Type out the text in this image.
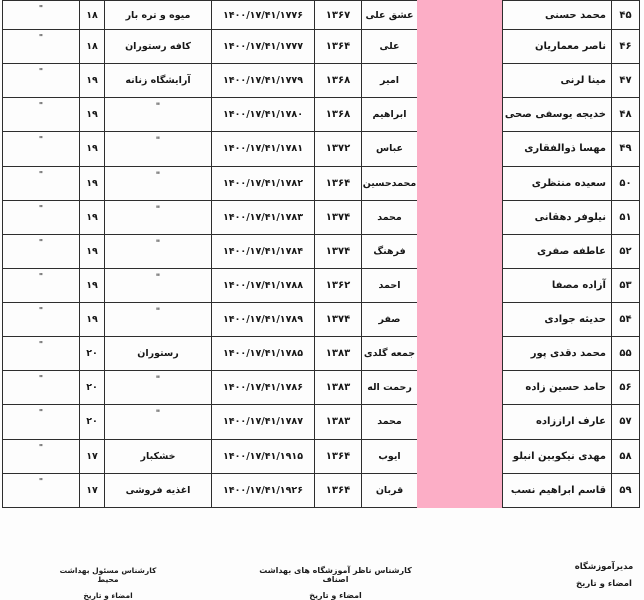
۴۵
محمد حسنی
عشق علی
۱۳۶۷
۱۴۰۰/۱۷/۴۱/۱۷۷۶
میوه و تره بار
۱۸
"
۴۶
ناصر معماریان
علی
۱۳۶۴
۱۴۰۰/۱۷/۴۱/۱۷۷۷
کافه رستوران
۱۸
"
۴۷
مینا لرنی
امیر
۱۳۶۸
۱۴۰۰/۱۷/۴۱/۱۷۷۹
آرایشگاه زنانه
۱۹
"
۴۸
خدیجه یوسفی صحی
ابراهیم
۱۳۶۸
۱۴۰۰/۱۷/۴۱/۱۷۸۰
"
۱۹
"
۴۹
مهسا ذوالفقاری
عباس
۱۳۷۲
۱۴۰۰/۱۷/۴۱/۱۷۸۱
"
۱۹
"
۵۰
سعیده منتظری
محمدحسین
۱۳۶۴
۱۴۰۰/۱۷/۴۱/۱۷۸۲
"
۱۹
"
۵۱
نیلوفر دهقانی
محمد
۱۳۷۴
۱۴۰۰/۱۷/۴۱/۱۷۸۳
"
۱۹
"
۵۲
عاطفه صفری
فرهنگ
۱۳۷۴
۱۴۰۰/۱۷/۴۱/۱۷۸۴
"
۱۹
"
۵۳
آزاده مصفا
احمد
۱۳۶۲
۱۴۰۰/۱۷/۴۱/۱۷۸۸
"
۱۹
"
۵۴
حدیثه جوادی
صفر
۱۳۷۴
۱۴۰۰/۱۷/۴۱/۱۷۸۹
"
۱۹
"
۵۵
محمد دقدی پور
جمعه گلدی
۱۳۸۳
۱۴۰۰/۱۷/۴۱/۱۷۸۵
رستوران
۲۰
"
۵۶
حامد حسین زاده
رحمت اله
۱۳۸۳
۱۴۰۰/۱۷/۴۱/۱۷۸۶
"
۲۰
"
۵۷
عارف اراززاده
محمد
۱۳۸۳
۱۴۰۰/۱۷/۴۱/۱۷۸۷
"
۲۰
"
۵۸
مهدی نیکوبین انبلو
ایوب
۱۳۶۴
۱۴۰۰/۱۷/۴۱/۱۹۱۵
خشکبار
۱۷
"
۵۹
قاسم ابراهیم نسب
قربان
۱۳۶۴
۱۴۰۰/۱۷/۴۱/۱۹۲۶
اغذیه فروشی
۱۷
"
کارشناس مسئول بهداشت محیط
امضاء و تاریخ
کارشناس ناظر آموزشگاه های بهداشت اصناف
امضاء و تاریخ
مدیرآموزشگاه
امضاء و تاریخ
